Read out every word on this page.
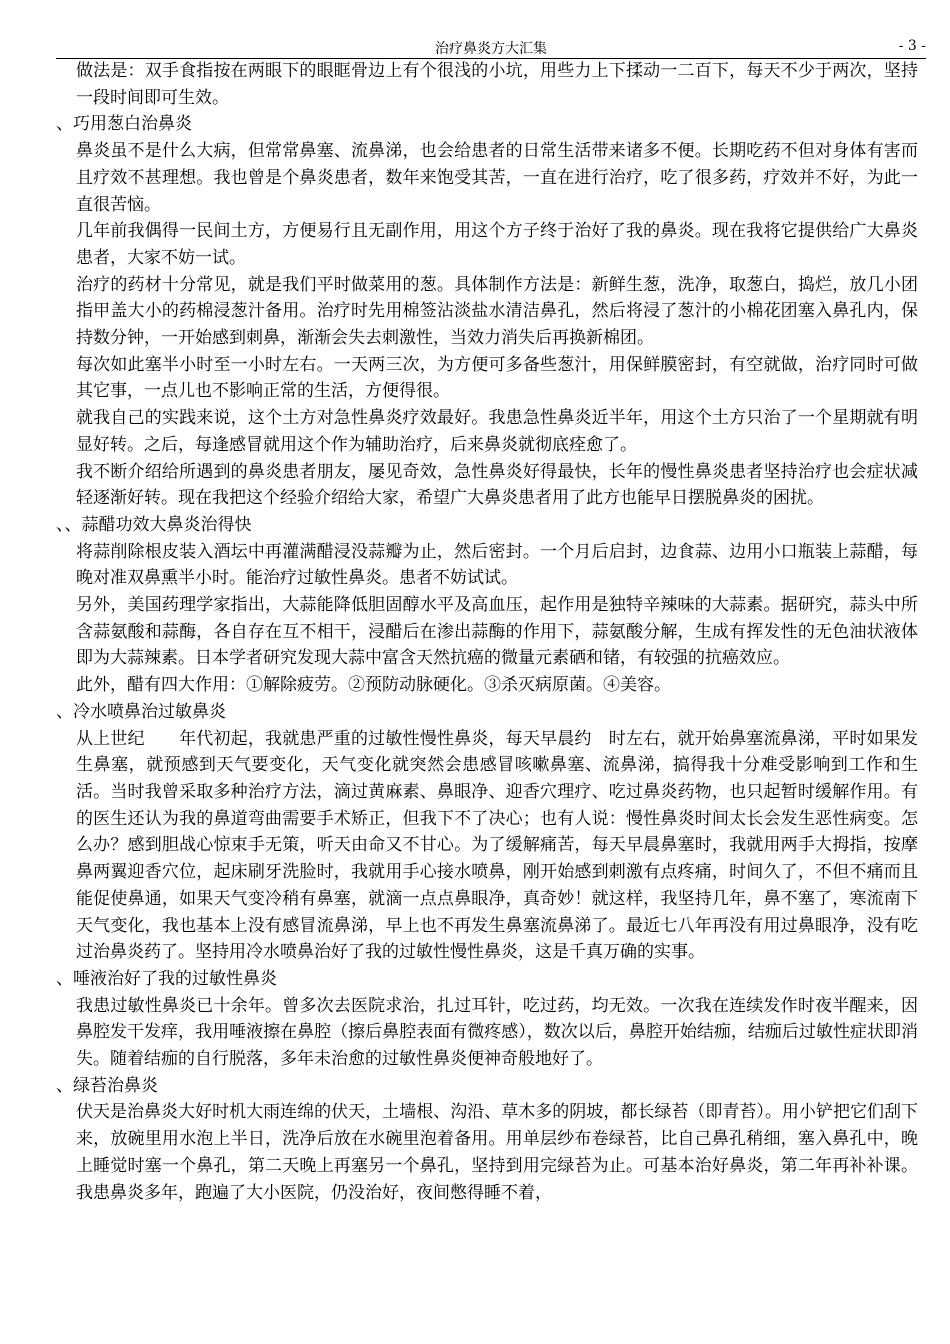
治疗鼻炎方大汇集	- 3 -

做法是：双手食指按在两眼下的眼眶骨边上有个很浅的小坑，用些力上下揉动一二百下，每天不少于两次，坚持一段时间即可生效。

、巧用葱白治鼻炎

鼻炎虽不是什么大病，但常常鼻塞、流鼻涕，也会给患者的日常生活带来诸多不便。长期吃药不但对身体有害而且疗效不甚理想。我也曾是个鼻炎患者，数年来饱受其苦，一直在进行治疗，吃了很多药，疗效并不好，为此一直很苦恼。

几年前我偶得一民间土方，方便易行且无副作用，用这个方子终于治好了我的鼻炎。现在我将它提供给广大鼻炎患者，大家不妨一试。

治疗的药材十分常见，就是我们平时做菜用的葱。具体制作方法是：新鲜生葱，洗净，取葱白，捣烂，放几小团指甲盖大小的药棉浸葱汁备用。治疗时先用棉签沾淡盐水清洁鼻孔，然后将浸了葱汁的小棉花团塞入鼻孔内，保持数分钟，一开始感到刺鼻，渐渐会失去刺激性，当效力消失后再换新棉团。

每次如此塞半小时至一小时左右。一天两三次，为方便可多备些葱汁，用保鲜膜密封，有空就做，治疗同时可做其它事，一点儿也不影响正常的生活，方便得很。

就我自己的实践来说，这个土方对急性鼻炎疗效最好。我患急性鼻炎近半年，用这个土方只治了一个星期就有明显好转。之后，每逢感冒就用这个作为辅助治疗，后来鼻炎就彻底痊愈了。

我不断介绍给所遇到的鼻炎患者朋友，屡见奇效，急性鼻炎好得最快，长年的慢性鼻炎患者坚持治疗也会症状减轻逐渐好转。现在我把这个经验介绍给大家，希望广大鼻炎患者用了此方也能早日摆脱鼻炎的困扰。

、、蒜醋功效大鼻炎治得快

将蒜削除根皮装入酒坛中再灌满醋浸没蒜瓣为止，然后密封。一个月后启封，边食蒜、边用小口瓶装上蒜醋，每晚对准双鼻熏半小时。能治疗过敏性鼻炎。患者不妨试试。

另外，美国药理学家指出，大蒜能降低胆固醇水平及高血压，起作用是独特辛辣味的大蒜素。据研究，蒜头中所含蒜氨酸和蒜酶，各自存在互不相干，浸醋后在渗出蒜酶的作用下，蒜氨酸分解，生成有挥发性的无色油状液体即为大蒜辣素。日本学者研究发现大蒜中富含天然抗癌的微量元素硒和锗，有较强的抗癌效应。

此外，醋有四大作用：①解除疲劳。②预防动脉硬化。③杀灭病原菌。④美容。

、冷水喷鼻治过敏鼻炎

从上世纪　　年代初起，我就患严重的过敏性慢性鼻炎，每天早晨约　时左右，就开始鼻塞流鼻涕，平时如果发生鼻塞，就预感到天气要变化，天气变化就突然会患感冒咳嗽鼻塞、流鼻涕，搞得我十分难受影响到工作和生活。当时我曾采取多种治疗方法，滴过黄麻素、鼻眼净、迎香穴理疗、吃过鼻炎药物，也只起暂时缓解作用。有的医生还认为我的鼻道弯曲需要手术矫正，但我下不了决心；也有人说：慢性鼻炎时间太长会发生恶性病变。怎么办？感到胆战心惊束手无策，听天由命又不甘心。为了缓解痛苦，每天早晨鼻塞时，我就用两手大拇指，按摩鼻两翼迎香穴位，起床刷牙洗脸时，我就用手心接水喷鼻，刚开始感到刺激有点疼痛，时间久了，不但不痛而且能促使鼻通，如果天气变冷稍有鼻塞，就滴一点点鼻眼净，真奇妙！就这样，我坚持几年，鼻不塞了，寒流南下天气变化，我也基本上没有感冒流鼻涕，早上也不再发生鼻塞流鼻涕了。最近七八年再没有用过鼻眼净，没有吃过治鼻炎药了。坚持用冷水喷鼻治好了我的过敏性慢性鼻炎，这是千真万确的实事。

、唾液治好了我的过敏性鼻炎

我患过敏性鼻炎已十余年。曾多次去医院求治，扎过耳针，吃过药，均无效。一次我在连续发作时夜半醒来，因鼻腔发干发痒，我用唾液擦在鼻腔（擦后鼻腔表面有微疼感），数次以后，鼻腔开始结痂，结痂后过敏性症状即消失。随着结痂的自行脱落，多年未治愈的过敏性鼻炎便神奇般地好了。

、绿苔治鼻炎

伏天是治鼻炎大好时机大雨连绵的伏天，土墙根、沟沿、草木多的阴坡，都长绿苔（即青苔）。用小铲把它们刮下来，放碗里用水泡上半日，洗净后放在水碗里泡着备用。用单层纱布卷绿苔，比自己鼻孔稍细，塞入鼻孔中，晚上睡觉时塞一个鼻孔，第二天晚上再塞另一个鼻孔，坚持到用完绿苔为止。可基本治好鼻炎，第二年再补补课。我患鼻炎多年，跑遍了大小医院，仍没治好，夜间憋得睡不着，
